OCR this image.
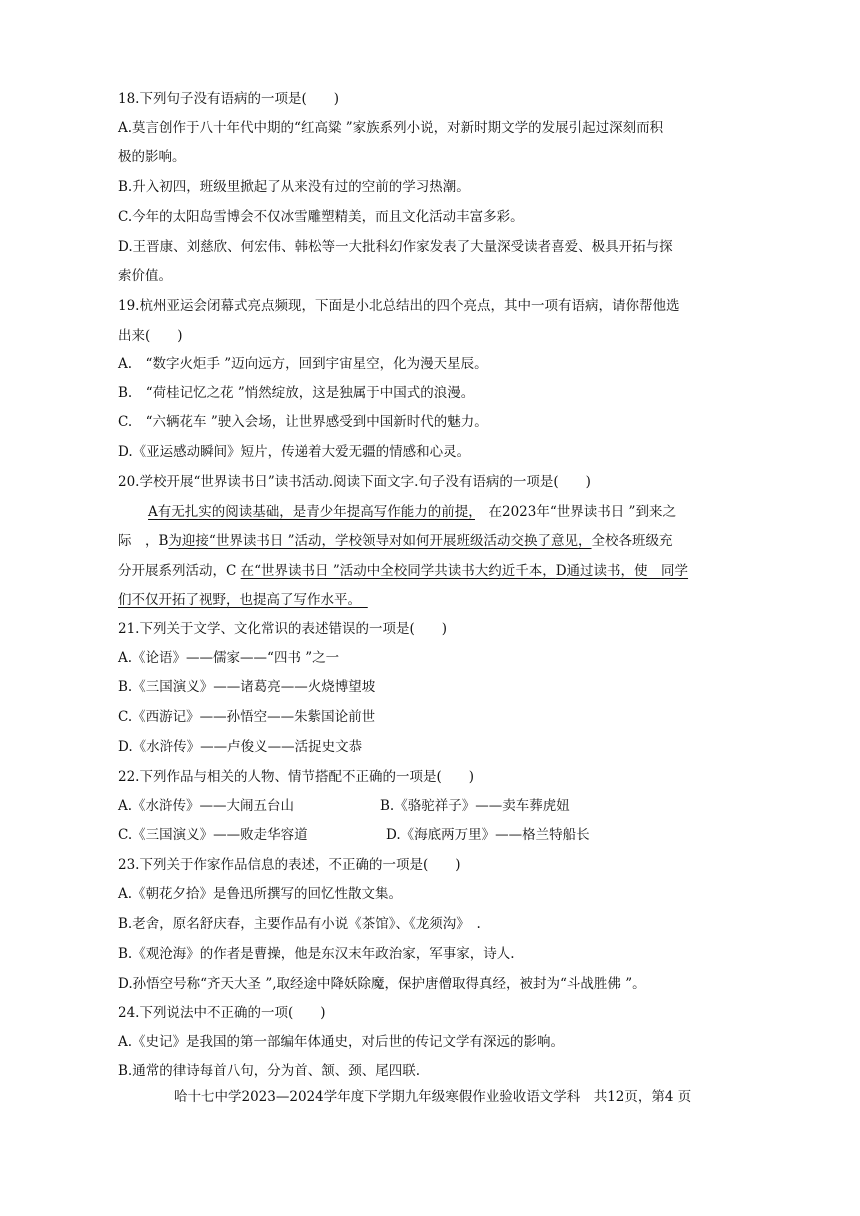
18.下列句子没有语病的一项是(　　)
A.莫言创作于八十年代中期的“红高粱 ”家族系列小说，对新时期文学的发展引起过深刻而积
极的影响。
B.升入初四，班级里掀起了从来没有过的空前的学习热潮。
C.今年的太阳岛雪博会不仅冰雪雕塑精美，而且文化活动丰富多彩。
D.王晋康、刘慈欣、何宏伟、韩松等一大批科幻作家发表了大量深受读者喜爱、极具开拓与探
索价值。
19.杭州亚运会闭幕式亮点频现，下面是小北总结出的四个亮点，其中一项有语病，请你帮他选
出来(　　)
A.　“数字火炬手 ”迈向远方，回到宇宙星空，化为漫天星辰。
B.　“荷桂记忆之花 ”悄然绽放，这是独属于中国式的浪漫。
C.　“六辆花车 ”驶入会场，让世界感受到中国新时代的魅力。
D.《亚运感动瞬间》短片，传递着大爱无疆的情感和心灵。
20.学校开展“世界读书日”读书活动.阅读下面文字.句子没有语病的一项是(　　)
A有无扎实的阅读基础，是青少年提高写作能力的前提，　在2023年“世界读书日 ”到来之
际　，B为迎接“世界读书日 ”活动，学校领导对如何开展班级活动交换了意见，全校各班级充
分开展系列活动，C 在“世界读书日 ”活动中全校同学共读书大约近千本，D通过读书，使　同学
们不仅开拓了视野，也提高了写作水平。　
21.下列关于文学、文化常识的表述错误的一项是(　　)
A.《论语》——儒家——“四书 ”之一
B.《三国演义》——诸葛亮——火烧博望坡
C.《西游记》——孙悟空——朱紫国论前世
D.《水浒传》——卢俊义——活捉史文恭
22.下列作品与相关的人物、情节搭配不正确的一项是(　　)
A.《水浒传》——大闹五台山	B.《骆驼祥子》——卖车葬虎妞
C.《三国演义》——败走华容道	D.《海底两万里》——格兰特船长
23.下列关于作家作品信息的表述，不正确的一项是(　　)
A.《朝花夕拾》是鲁迅所撰写的回忆性散文集。
B.老舍，原名舒庆春，主要作品有小说《茶馆》、《龙须沟》　.
B.《观沧海》的作者是曹操，他是东汉末年政治家，军事家，诗人.
D.孙悟空号称“齐天大圣 ”,取经途中降妖除魔，保护唐僧取得真经，被封为“斗战胜佛 ”。
24.下列说法中不正确的一项(　　)
A.《史记》是我国的第一部编年体通史，对后世的传记文学有深远的影响。
B.通常的律诗每首八句，分为首、颔、颈、尾四联.
哈十七中学2023—2024学年度下学期九年级寒假作业验收语文学科　共12页，第4 页
